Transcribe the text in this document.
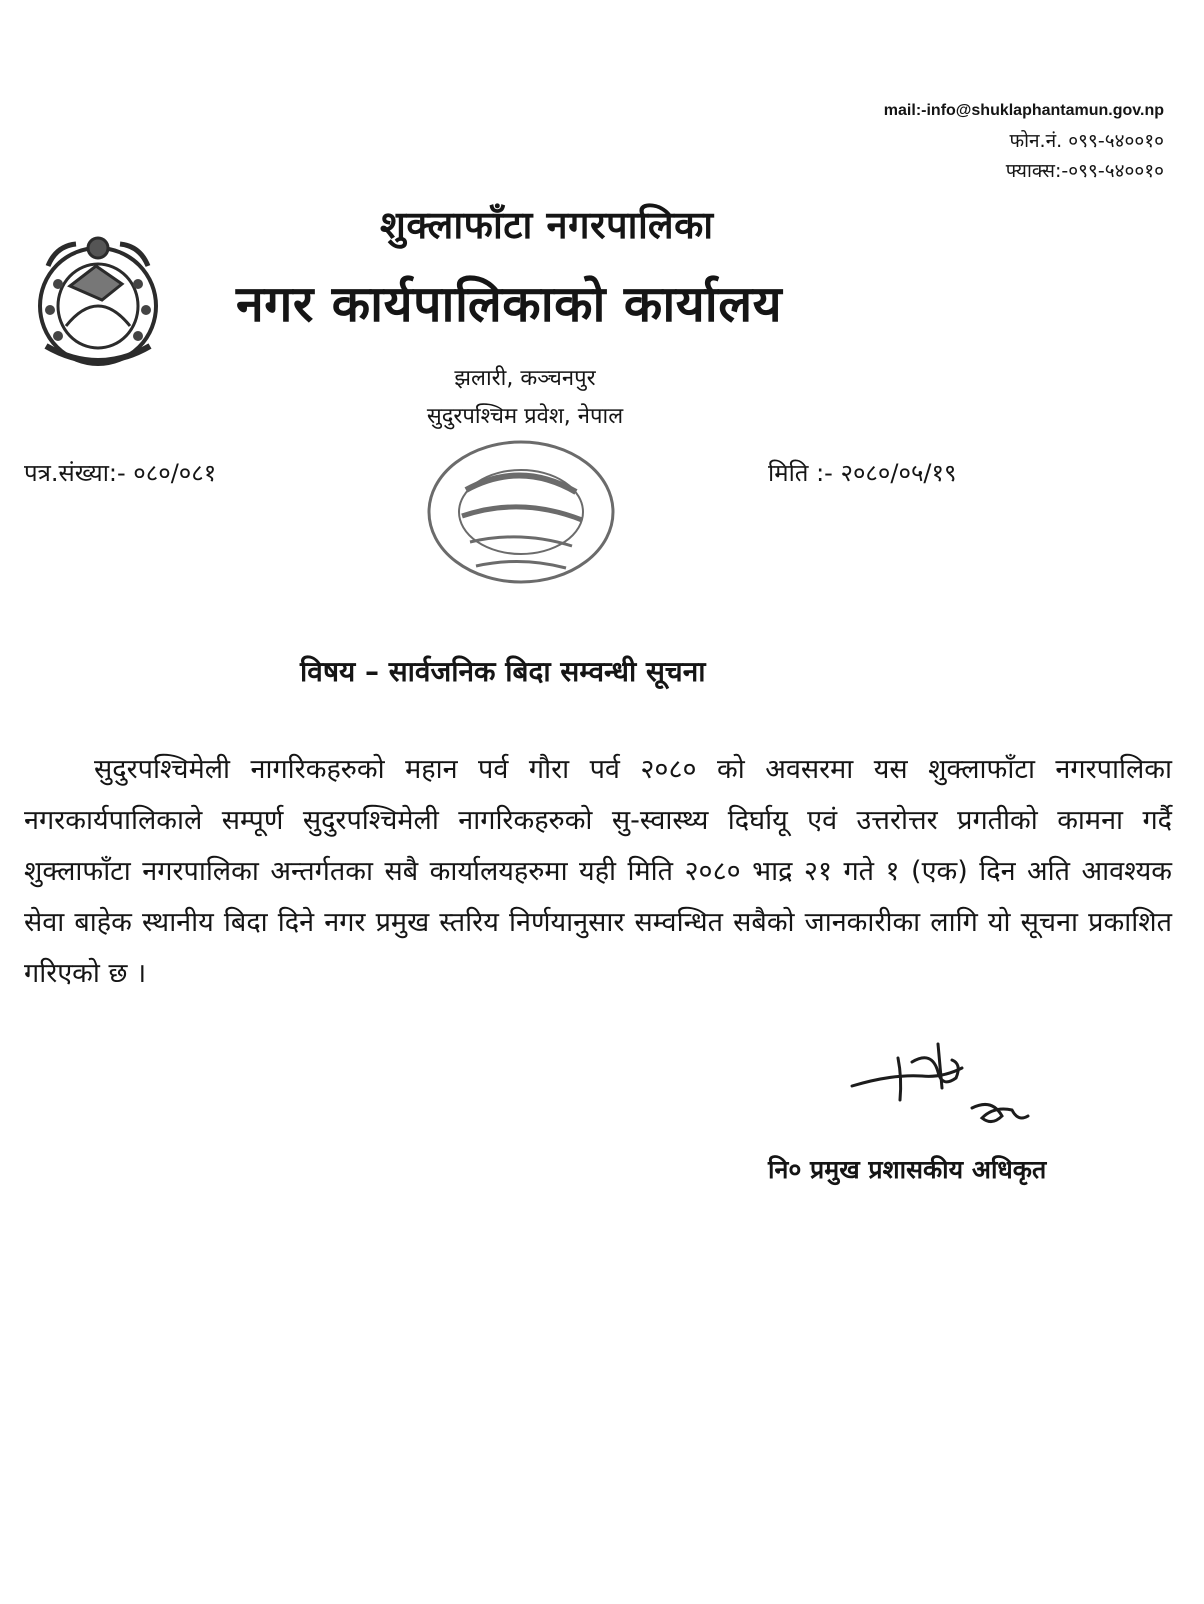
mail:-info@shuklaphantamun.gov.np
फोन.नं. ०९९-५४००१०
फ्याक्स:-०९९-५४००१०
शुक्लाफाँटा नगरपालिका
नगर कार्यपालिकाको कार्यालय
झलारी, कञ्चनपुर
सुदुरपश्चिम प्रवेश, नेपाल
पत्र.संख्या:- ०८०/०८१	मिति :- २०८०/०५/१९
विषय – सार्वजनिक बिदा सम्वन्धी सूचना
सुदुरपश्चिमेली नागरिकहरुको महान पर्व गौरा पर्व २०८० को अवसरमा यस शुक्लाफाँटा नगरपालिका नगरकार्यपालिकाले सम्पूर्ण सुदुरपश्चिमेली नागरिकहरुको सु-स्वास्थ्य दिर्घायू एवं उत्तरोत्तर प्रगतीको कामना गर्दै शुक्लाफाँटा नगरपालिका अन्तर्गतका सबै कार्यालयहरुमा यही मिति २०८० भाद्र २१ गते १ (एक) दिन अति आवश्यक सेवा बाहेक स्थानीय बिदा दिने नगर प्रमुख स्तरिय निर्णयानुसार सम्वन्धित सबैको जानकारीका लागि यो सूचना प्रकाशित गरिएको छ ।
नि० प्रमुख प्रशासकीय अधिकृत
